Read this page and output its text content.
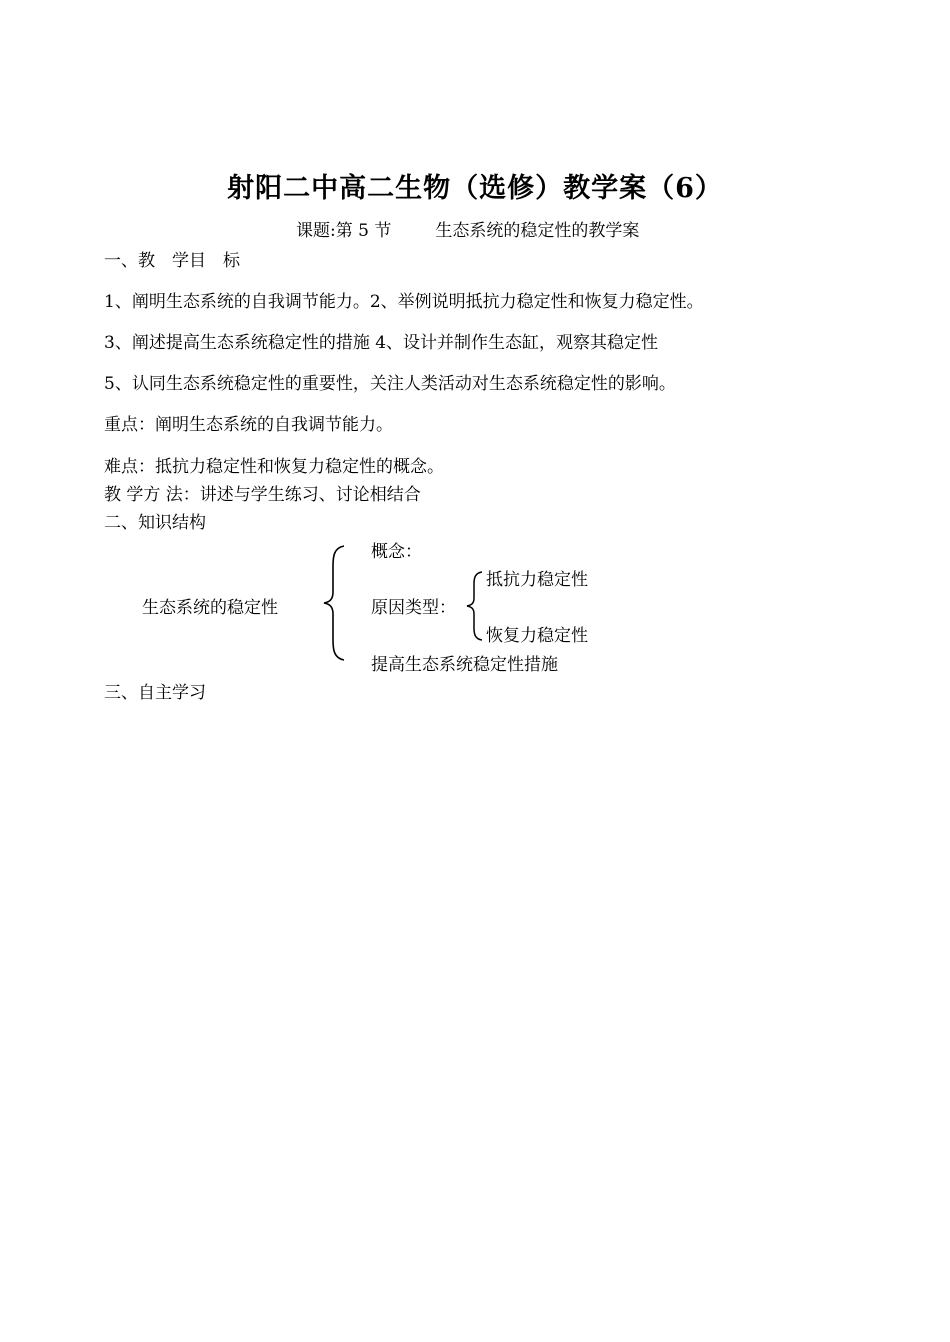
射阳二中高二生物（选修）教学案（6）
课题:第 5 节	生态系统的稳定性的教学案
一、教　学目　标
1、阐明生态系统的自我调节能力。2、举例说明抵抗力稳定性和恢复力稳定性。
3、阐述提高生态系统稳定性的措施 4、设计并制作生态缸，观察其稳定性
5、认同生态系统稳定性的重要性，关注人类活动对生态系统稳定性的影响。
重点：阐明生态系统的自我调节能力。
难点：抵抗力稳定性和恢复力稳定性的概念。
教 学方 法：讲述与学生练习、讨论相结合
二、知识结构
生态系统的稳定性
概念：
原因类型：
提高生态系统稳定性措施
抵抗力稳定性
恢复力稳定性
三、自主学习
